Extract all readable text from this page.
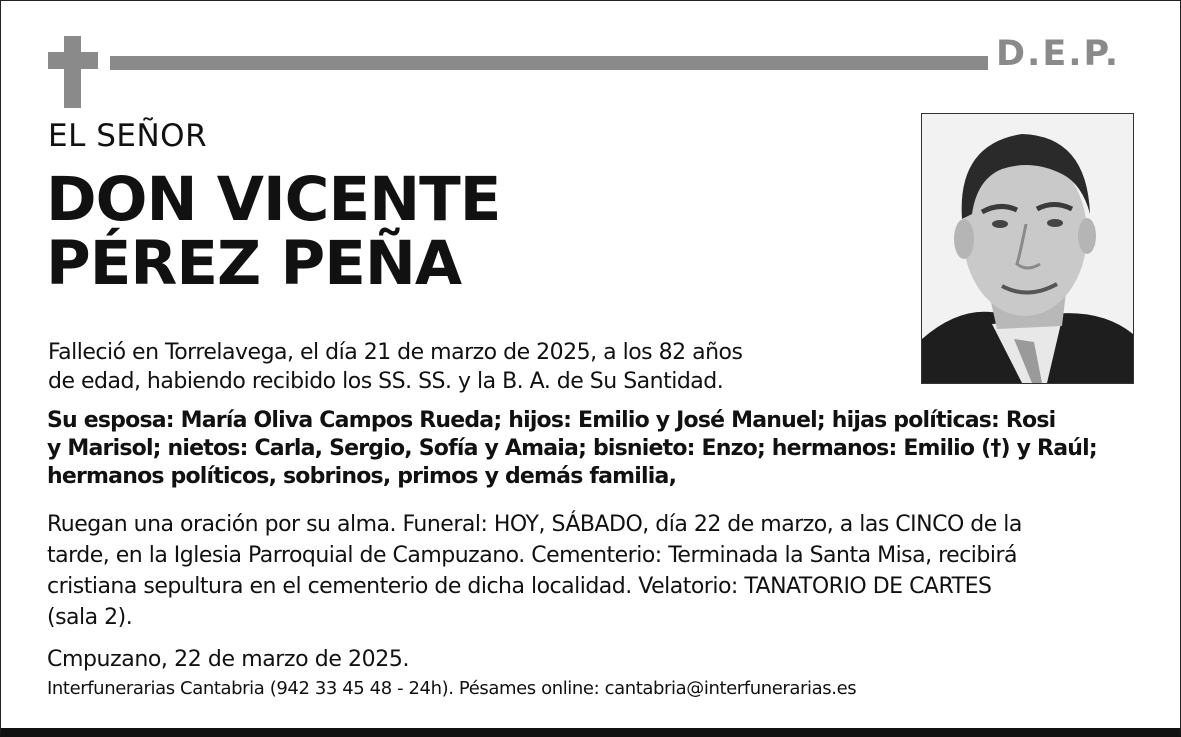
D.E.P.
EL SEÑOR
DON VICENTE
PÉREZ PEÑA

Falleció en Torrelavega, el día 21 de marzo de 2025, a los 82 años
de edad, habiendo recibido los SS. SS. y la B. A. de Su Santidad.

Su esposa: María Oliva Campos Rueda; hijos: Emilio y José Manuel; hijas políticas: Rosi
y Marisol; nietos: Carla, Sergio, Sofía y Amaia; bisnieto: Enzo; hermanos: Emilio (†) y Raúl;
hermanos políticos, sobrinos, primos y demás familia,

Ruegan una oración por su alma. Funeral: HOY, SÁBADO, día 22 de marzo, a las CINCO de la
tarde, en la Iglesia Parroquial de Campuzano. Cementerio: Terminada la Santa Misa, recibirá
cristiana sepultura en el cementerio de dicha localidad. Velatorio: TANATORIO DE CARTES
(sala 2).

Cmpuzano, 22 de marzo de 2025.

Interfunerarias Cantabria (942 33 45 48 - 24h). Pésames online: cantabria@interfunerarias.es
